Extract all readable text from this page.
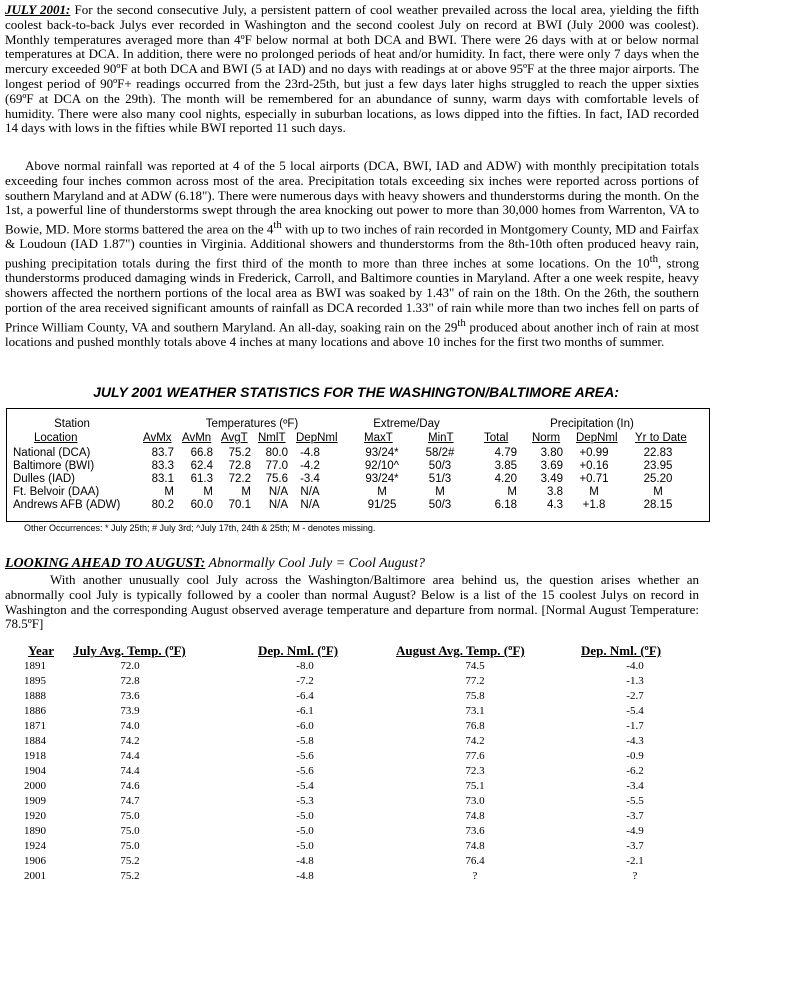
JULY 2001: For the second consecutive July, a persistent pattern of cool weather prevailed across the local area, yielding the fifth coolest back-to-back Julys ever recorded in Washington and the second coolest July on record at BWI (July 2000 was coolest). Monthly temperatures averaged more than 4ºF below normal at both DCA and BWI. There were 26 days with at or below normal temperatures at DCA. In addition, there were no prolonged periods of heat and/or humidity. In fact, there were only 7 days when the mercury exceeded 90ºF at both DCA and BWI (5 at IAD) and no days with readings at or above 95ºF at the three major airports. The longest period of 90ºF+ readings occurred from the 23rd-25th, but just a few days later highs struggled to reach the upper sixties (69ºF at DCA on the 29th). The month will be remembered for an abundance of sunny, warm days with comfortable levels of humidity. There were also many cool nights, especially in suburban locations, as lows dipped into the fifties. In fact, IAD recorded 14 days with lows in the fifties while BWI reported 11 such days.

Above normal rainfall was reported at 4 of the 5 local airports (DCA, BWI, IAD and ADW) with monthly precipitation totals exceeding four inches common across most of the area. Precipitation totals exceeding six inches were reported across portions of southern Maryland and at ADW (6.18"). There were numerous days with heavy showers and thunderstorms during the month. On the 1st, a powerful line of thunderstorms swept through the area knocking out power to more than 30,000 homes from Warrenton, VA to Bowie, MD. More storms battered the area on the 4th with up to two inches of rain recorded in Montgomery County, MD and Fairfax & Loudoun (IAD 1.87") counties in Virginia. Additional showers and thunderstorms from the 8th-10th often produced heavy rain, pushing precipitation totals during the first third of the month to more than three inches at some locations. On the 10th, strong thunderstorms produced damaging winds in Frederick, Carroll, and Baltimore counties in Maryland. After a one week respite, heavy showers affected the northern portions of the local area as BWI was soaked by 1.43" of rain on the 18th. On the 26th, the southern portion of the area received significant amounts of rainfall as DCA recorded 1.33" of rain while more than two inches fell on parts of Prince William County, VA and southern Maryland. An all-day, soaking rain on the 29th produced about another inch of rain at most locations and pushed monthly totals above 4 inches at many locations and above 10 inches for the first two months of summer.

JULY 2001 WEATHER STATISTICS FOR THE WASHINGTON/BALTIMORE AREA:
Station	Temperatures (ºF)	Extreme/Day	Precipitation (In)
Location	AvMx AvMn AvgT NmlT DepNml MaxT	MinT	Total Norm DepNml Yr to Date
National (DCA)	83.7	66.8	75.2	80.0	-4.8	93/24*	58/2#	4.79	3.80	+0.99	22.83
Baltimore (BWI)	83.3	62.4	72.8	77.0	-4.2	92/10^	50/3	3.85	3.69	+0.16	23.95
Dulles (IAD)	83.1	61.3	72.2	75.6	-3.4	93/24*	51/3	4.20	3.49	+0.71	25.20
Ft. Belvoir (DAA)	M	M	M	N/A	N/A	M	M	M	3.8	M	M
Andrews AFB (ADW)	80.2	60.0	70.1	N/A	N/A	91/25	50/3	6.18	4.3	+1.8	28.15
Other Occurrences: * July 25th; # July 3rd; ^July 17th, 24th & 25th; M - denotes missing.
LOOKING AHEAD TO AUGUST: Abnormally Cool July = Cool August?

With another unusually cool July across the Washington/Baltimore area behind us, the question arises whether an abnormally cool July is typically followed by a cooler than normal August? Below is a list of the 15 coolest Julys on record in Washington and the corresponding August observed average temperature and departure from normal. [Normal August Temperature: 78.5ºF]

Year July Avg. Temp. (ºF)	Dep. Nml. (ºF)	August Avg. Temp. (ºF)	Dep. Nml. (ºF)
1891	72.0	-8.0	74.5	-4.0
1895	72.8	-7.2	77.2	-1.3
1888	73.6	-6.4	75.8	-2.7
1886	73.9	-6.1	73.1	-5.4
1871	74.0	-6.0	76.8	-1.7
1884	74.2	-5.8	74.2	-4.3
1918	74.4	-5.6	77.6	-0.9
1904	74.4	-5.6	72.3	-6.2
2000	74.6	-5.4	75.1	-3.4
1909	74.7	-5.3	73.0	-5.5
1920	75.0	-5.0	74.8	-3.7
1890	75.0	-5.0	73.6	-4.9
1924	75.0	-5.0	74.8	-3.7
1906	75.2	-4.8	76.4	-2.1
2001	75.2	-4.8	?	?
